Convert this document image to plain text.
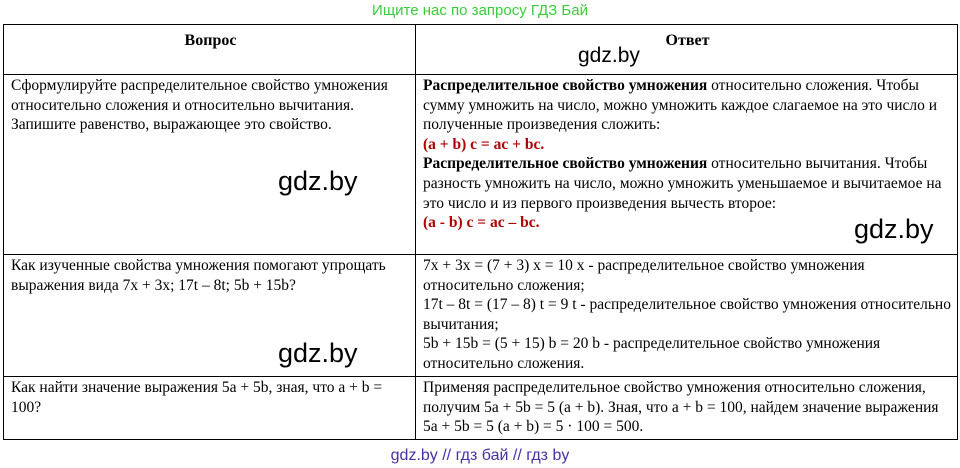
Ищите нас по запросу ГДЗ Бай
Вопрос	Ответ
Сформулируйте распределительное свойство умножения относительно сложения и относительно вычитания. Запишите равенство, выражающее это свойство.	Распределительное свойство умножения относительно сложения. Чтобы сумму умножить на число, можно умножить каждое слагаемое на это число и полученные произведения сложить:
(a + b) c = ac + bc.
Распределительное свойство умножения относительно вычитания. Чтобы разность умножить на число, можно умножить уменьшаемое и вычитаемое на это число и из первого произведения вычесть второе:
(a - b) c = ac – bc.
Как изученные свойства умножения помогают упрощать выражения вида 7x + 3x; 17t – 8t; 5b + 15b?	7x + 3x = (7 + 3) x = 10 x - распределительное свойство умножения относительно сложения;
17t – 8t = (17 – 8) t = 9 t - распределительное свойство умножения относительно вычитания;
5b + 15b = (5 + 15) b = 20 b - распределительное свойство умножения относительно сложения.
Как найти значение выражения 5a + 5b, зная, что a + b = 100?	Применяя распределительное свойство умножения относительно сложения, получим 5a + 5b = 5 (a + b). Зная, что a + b = 100, найдем значение выражения 5a + 5b = 5 (a + b) = 5 · 100 = 500.
gdz.by
gdz.by
gdz.by
gdz.by
gdz.by // гдз бай // гдз by
